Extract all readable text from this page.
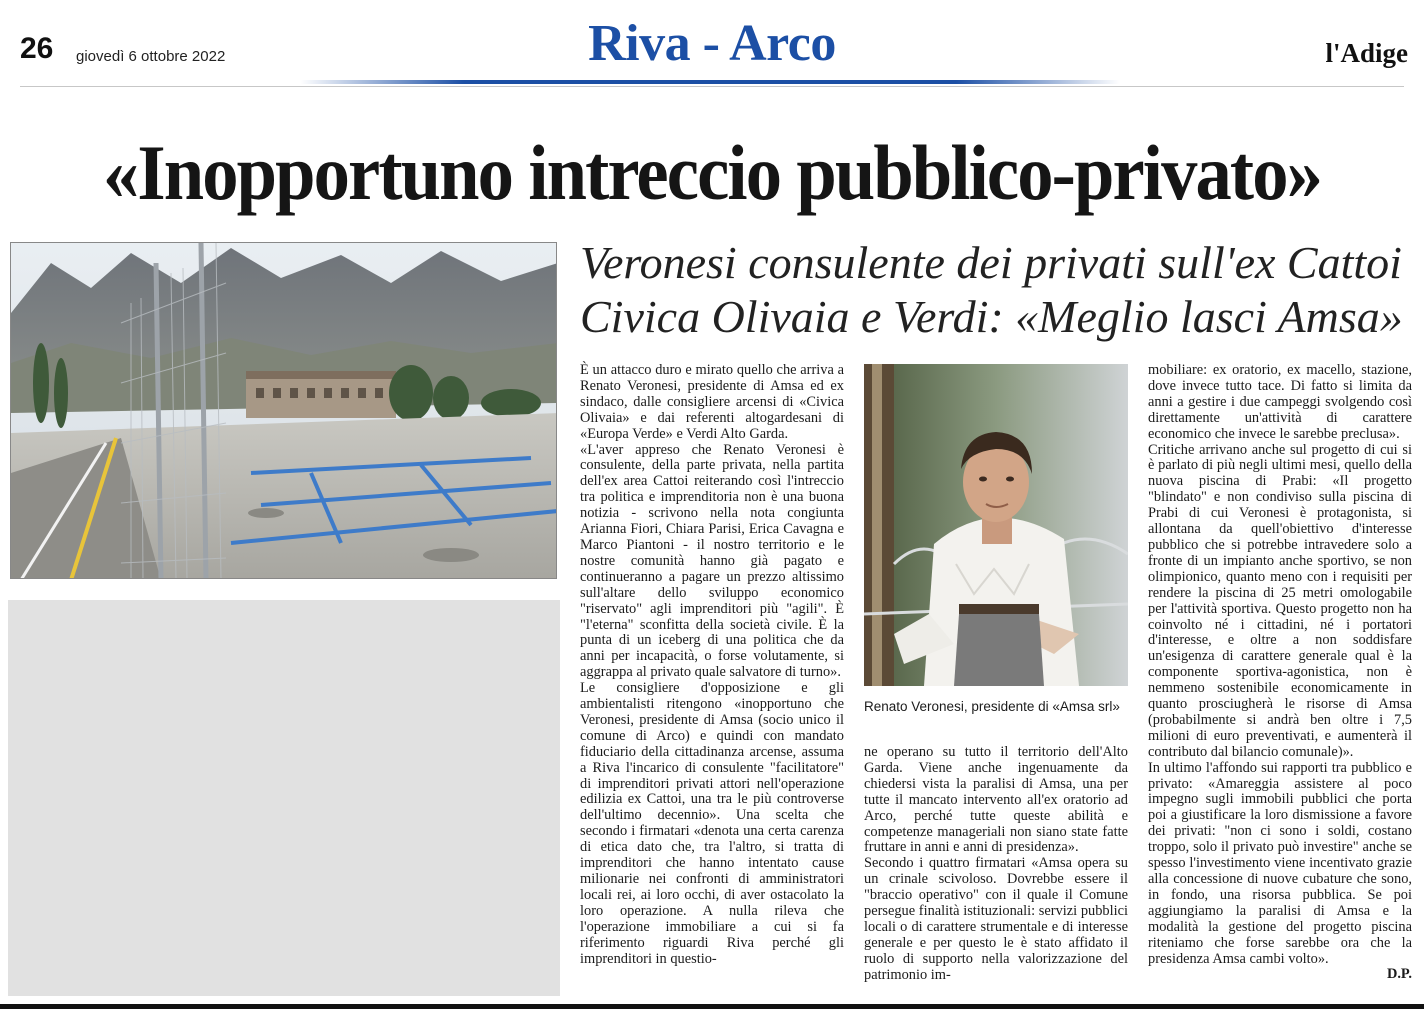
26 giovedì 6 ottobre 2022	Riva - Arco	l'Adige
«Inopportuno intreccio pubblico-privato»
Veronesi consulente dei privati sull'ex Cattoi
Civica Olivaia e Verdi: «Meglio lasci Amsa»

È un attacco duro e mirato quello che arriva a Renato Veronesi, presidente di Amsa ed ex sindaco, dalle consigliere arcensi di «Civica Olivaia» e dai referenti altogardesani di «Europa Verde» e Verdi Alto Garda.

«L'aver appreso che Renato Veronesi è consulente, della parte privata, nella partita dell'ex area Cattoi reiterando così l'intreccio tra politica e imprenditoria non è una buona notizia - scrivono nella nota congiunta Arianna Fiori, Chiara Parisi, Erica Cavagna e Marco Piantoni - il nostro territorio e le nostre comunità hanno già pagato e continueranno a pagare un prezzo altissimo sull'altare dello sviluppo economico "riservato" agli imprenditori più "agili". È "l'eterna" sconfitta della società civile. È la punta di un iceberg di una politica che da anni per incapacità, o forse volutamente, si aggrappa al privato quale salvatore di turno».

Le consigliere d'opposizione e gli ambientalisti ritengono «inopportuno che Veronesi, presidente di Amsa (socio unico il comune di Arco) e quindi con mandato fiduciario della cittadinanza arcense, assuma a Riva l'incarico di consulente "facilitatore" di imprenditori privati attori nell'operazione edilizia ex Cattoi, una tra le più controverse dell'ultimo decennio». Una scelta che secondo i firmatari «denota una certa carenza di etica dato che, tra l'altro, si tratta di imprenditori che hanno intentato cause milionarie nei confronti di amministratori locali rei, ai loro occhi, di aver ostacolato la loro operazione. A nulla rileva che l'operazione immobiliare a cui si fa riferimento riguardi Riva perché gli imprenditori in questio-

Renato Veronesi, presidente di «Amsa srl»

ne operano su tutto il territorio dell'Alto Garda. Viene anche ingenuamente da chiedersi vista la paralisi di Amsa, una per tutte il mancato intervento all'ex oratorio ad Arco, perché tutte queste abilità e competenze manageriali non siano state fatte fruttare in anni e anni di presidenza».

Secondo i quattro firmatari «Amsa opera su un crinale scivoloso. Dovrebbe essere il "braccio operativo" con il quale il Comune persegue finalità istituzionali: servizi pubblici locali o di carattere strumentale e di interesse generale e per questo le è stato affidato il ruolo di supporto nella valorizzazione del patrimonio im-

mobiliare: ex oratorio, ex macello, stazione, dove invece tutto tace. Di fatto si limita da anni a gestire i due campeggi svolgendo così direttamente un'attività di carattere economico che invece le sarebbe preclusa».

Critiche arrivano anche sul progetto di cui si è parlato di più negli ultimi mesi, quello della nuova piscina di Prabi: «Il progetto "blindato" e non condiviso sulla piscina di Prabi di cui Veronesi è protagonista, si allontana da quell'obiettivo d'interesse pubblico che si potrebbe intravedere solo a fronte di un impianto anche sportivo, se non olimpionico, quanto meno con i requisiti per rendere la piscina di 25 metri omologabile per l'attività sportiva. Questo progetto non ha coinvolto né i cittadini, né i portatori d'interesse, e oltre a non soddisfare un'esigenza di carattere generale qual è la componente sportiva-agonistica, non è nemmeno sostenibile economicamente in quanto prosciugherà le risorse di Amsa (probabilmente si andrà ben oltre i 7,5 milioni di euro preventivati, e aumenterà il contributo dal bilancio comunale)».

In ultimo l'affondo sui rapporti tra pubblico e privato: «Amareggia assistere al poco impegno sugli immobili pubblici che porta poi a giustificare la loro dismissione a favore dei privati: "non ci sono i soldi, costano troppo, solo il privato può investire" anche se spesso l'investimento viene incentivato grazie alla concessione di nuove cubature che sono, in fondo, una risorsa pubblica. Se poi aggiungiamo la paralisi di Amsa e la modalità la gestione del progetto piscina riteniamo che forse sarebbe ora che la presidenza Amsa cambi volto».

D.P.
